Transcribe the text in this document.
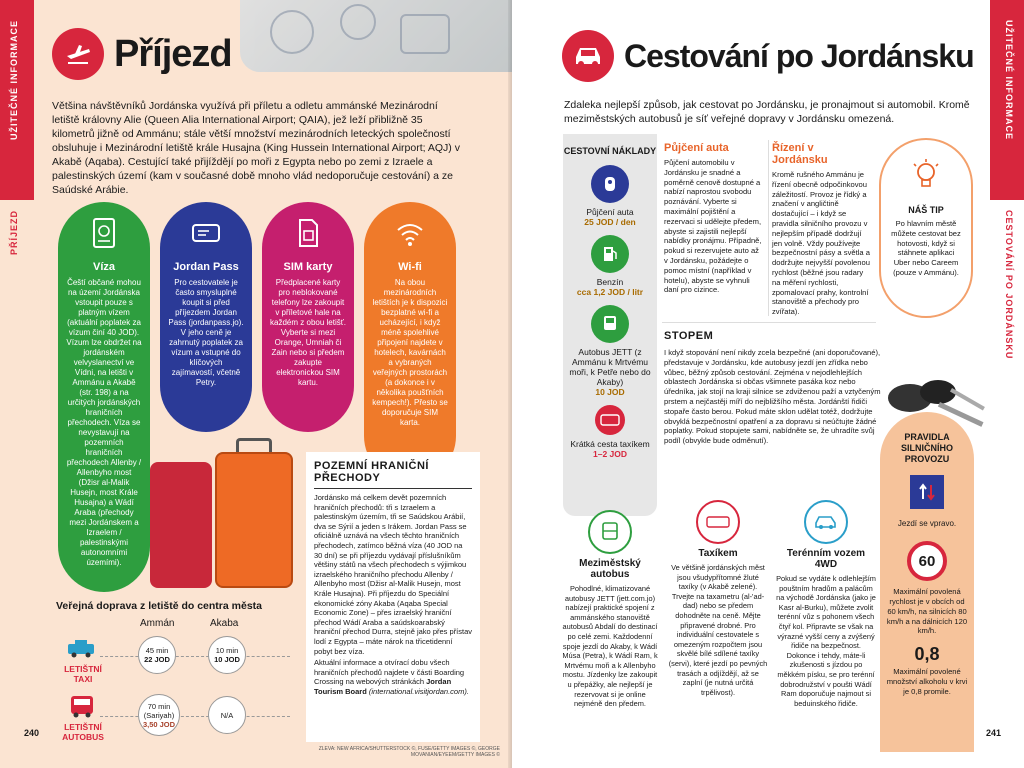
UŽITEČNÉ INFORMACE
PŘÍJEZD
Příjezd
Většina návštěvníků Jordánska využívá při příletu a odletu ammánské Mezinárodní letiště královny Alie (Queen Alia International Airport; QAIA), jež leží přibližně 35 kilometrů jižně od Ammánu; stále větší množství mezinárodních leteckých společností obsluhuje i Mezinárodní letiště krále Husajna (King Hussein International Airport; AQJ) v Akabě (Aqaba). Cestující také přijíždějí po moři z Egypta nebo po zemi z Izraele a palestinských území (kam v současné době mnoho vlád nedoporučuje cestování) a ze Saúdské Arábie.
Víza
Čeští občané mohou na území Jordánska vstoupit pouze s platným vízem (aktuální poplatek za vízum činí 40 JOD). Vízum lze obdržet na jordánském velvyslanectví ve Vídni, na letišti v Ammánu a Akabě (str. 198) a na určitých jordánských hraničních přechodech. Víza se nevystavují na pozemních hraničních přechodech Allenby / Allenbyho most (Džisr al-Malik Husejn, most Krále Husajna) a Wádí Araba (přechody mezi Jordánskem a Izraelem / palestinskými autonomními územími).
Jordan Pass
Pro cestovatele je často smysluplné koupit si před příjezdem Jordan Pass (jordanpass.jo). V jeho ceně je zahrnutý poplatek za vízum a vstupné do klíčových zajímavostí, včetně Petry.
SIM karty
Předplacené karty pro neblokované telefony lze zakoupit v příletové hale na každém z obou letišť. Vyberte si mezi Orange, Umniah či Zain nebo si předem zakupte elektronickou SIM kartu.
Wi-fi
Na obou mezinárodních letištích je k dispozici bezplatné wi-fi a ucházející, i když méně spolehlivé připojení najdete v hotelech, kavárnách a vybraných veřejných prostorách (a dokonce i v několika poušťních kempech!). Přesto se doporučuje SIM karta.
POZEMNÍ HRANIČNÍ PŘECHODY
Jordánsko má celkem devět pozemních hraničních přechodů: tři s Izraelem a palestinským územím, tři se Saúdskou Arábií, dva se Sýrií a jeden s Irákem. Jordan Pass se oficiálně uznává na všech těchto hraničních přechodech, zatímco běžná víza (40 JOD na 30 dní) se při příjezdu vydávají příslušníkům většiny států na všech přechodech s výjimkou izraelského hraničního přechodu Allenby / Allenbyho most (Džisr al-Malik Husejn, most Krále Husajna). Při příjezdu do Speciální ekonomické zóny Akaba (Aqaba Special Economic Zone) – přes izraelský hraniční přechod Wádí Araba a saúdskoarabský hraniční přechod Durra, stejně jako přes přístav lodí z Egypta – máte nárok na třicetidenní pobyt bez víza.
Aktuální informace a otvírací dobu všech hraničních přechodů najdete v části Boarding Crossing na webových stránkách Jordan Tourism Board (international.visitjordan.com).
Veřejná doprava z letiště do centra města
Ammán	Akaba
LETIŠTNÍ TAXI
45 min
22 JOD
10 min
10 JOD
LETIŠTNÍ AUTOBUS
70 min (Sariyah)
3,50 JOD
N/A
240
ZLEVA: NEW AFRICA/SHUTTERSTOCK ©, FUSE/GETTY IMAGES ©, GEORGE MOVANIAN/EYEEM/GETTY IMAGES ©
UŽITEČNÉ INFORMACE
CESTOVÁNÍ PO JORDÁNSKU
Cestování po Jordánsku
Zdaleka nejlepší způsob, jak cestovat po Jordánsku, je pronajmout si automobil. Kromě meziměstských autobusů je síť veřejné dopravy v Jordánsku omezená.
CESTOVNÍ NÁKLADY
Půjčení auta
25 JOD / den
Benzín
cca 1,2 JOD / litr
Autobus JETT (z Ammánu k Mrtvému moři, k Petře nebo do Akaby)
10 JOD
Krátká cesta taxíkem
1–2 JOD
Půjčení auta
Půjčení automobilu v Jordánsku je snadné a poměrně cenově dostupné a nabízí naprostou svobodu poznávání. Vyberte si maximální pojištění a rezervaci si udělejte předem, abyste si zajistili nejlepší nabídky pronájmu. Případně, pokud si rezervujete auto až v Jordánsku, požádejte o pomoc místní (například v hotelu), abyste se vyhnuli daní pro cizince.
Řízení v Jordánsku
Kromě rušného Ammánu je řízení obecně odpočinkovou záležitostí. Provoz je řídký a značení v angličtině dostačující – i když se pravidla silničního provozu v nejlepším případě dodržují jen volně. Vždy používejte bezpečnostní pásy a světla a dodržujte nejvyšší povolenou rychlost (běžné jsou radary na měření rychlosti, zpomalovací prahy, kontrolní stanoviště a přechody pro zvířata).
NÁŠ TIP
Po hlavním městě můžete cestovat bez hotovosti, když si stáhnete aplikaci Uber nebo Careem (pouze v Ammánu).
STOPEM
I když stopování není nikdy zcela bezpečné (ani doporučované), představuje v Jordánsku, kde autobusy jezdí jen zřídka nebo vůbec, běžný způsob cestování. Zejména v nejodlehlejších oblastech Jordánska si občas všimnete pasáka koz nebo úředníka, jak stojí na kraji silnice se zdviženou paží a vztyčeným prstem a nejčastěji míří do nejbližšího města. Jordánští řidiči stopaře často berou. Pokud máte sklon udělat totéž, dodržujte obvyklá bezpečnostní opatření a za dopravu si neúčtujte žádné poplatky. Pokud stopujete sami, nabídněte se, že uhradíte svůj podíl (obvykle bude odměnutí).	PRAVIDLA SILNIČNÍHO PROVOZU
Jezdí se vpravo.
60
Maximální povolená rychlost je v obcích od 60 km/h, na silnicích 80 km/h a na dálnicích 120 km/h.
0,8
Maximální povolené množství alkoholu v krvi je 0,8 promile.
Meziměstský autobus
Pohodlné, klimatizované autobusy JETT (jett.com.jo) nabízejí praktické spojení z ammánského stanoviště autobusů Abdalí do destinací po celé zemi. Každodenní spoje jezdí do Akaby, k Wádí Músa (Petra), k Wádí Ram, k Mrtvému moři a k Allenbyho mostu. Jízdenky lze zakoupit u přepážky, ale nejlepší je rezervovat si je online nejméně den předem.
Taxíkem
Ve většině jordánských měst jsou všudypřítomné žluté taxíky (v Akabě zelené). Trvejte na taxametru (al-'ad-dad) nebo se předem dohodněte na ceně. Mějte připravené drobné. Pro individuální cestovatele s omezeným rozpočtem jsou skvělé bílé sdílené taxíky (servi), které jezdí po pevných trasách a odjíždějí, až se zaplní (je nutná určitá trpělivost).
Terénním vozem 4WD
Pokud se vydáte k odlehlejším pouštním hradům a palácům na východě Jordánska (jako je Kasr al-Burku), můžete zvolit terénní vůz s pohonem všech čtyř kol. Připravte se však na výrazné vyšší ceny a zvýšený řidiče na bezpečnost. Dokonce i tehdy, máte-li zkušenosti s jízdou po měkkém písku, se pro terénní dobrodružství v poušti Wádí Ram doporučuje najmout si beduinského řidiče.
241
